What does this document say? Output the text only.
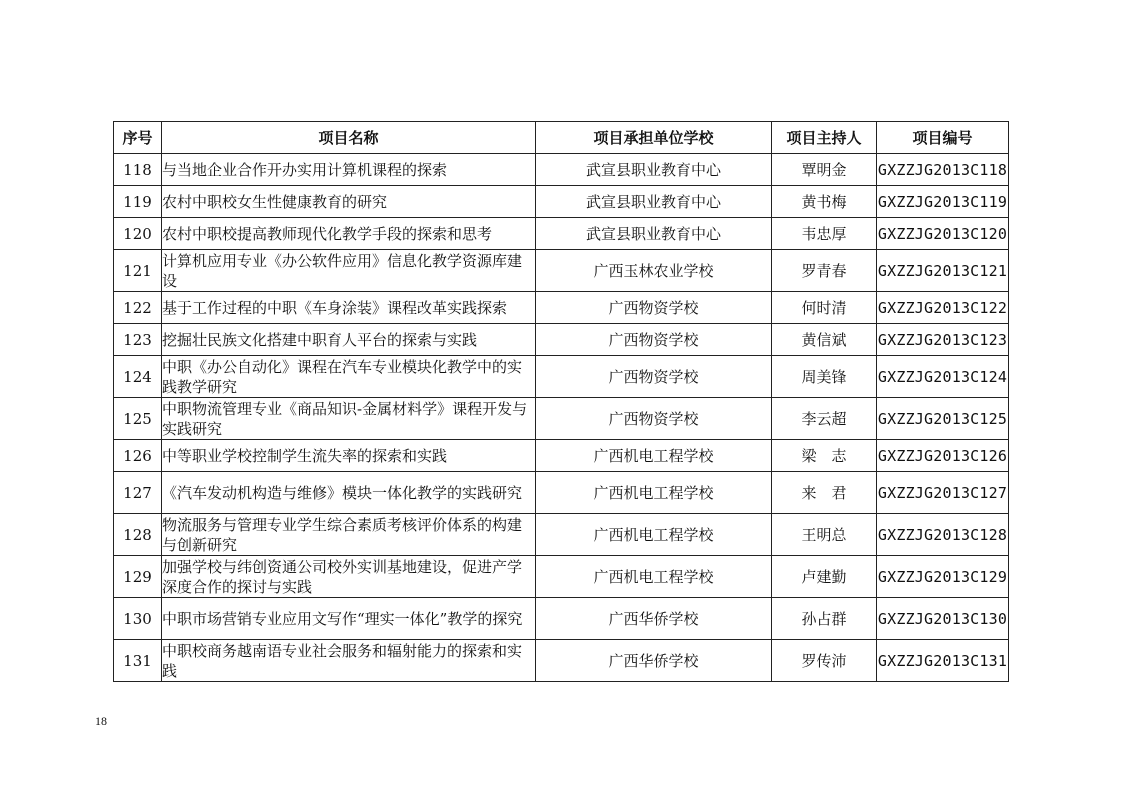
序号	项目名称	项目承担单位学校	项目主持人	项目编号
118	与当地企业合作开办实用计算机课程的探索	武宣县职业教育中心	覃明金	GXZZJG2013C118
119	农村中职校女生性健康教育的研究	武宣县职业教育中心	黄书梅	GXZZJG2013C119
120	农村中职校提高教师现代化教学手段的探索和思考	武宣县职业教育中心	韦忠厚	GXZZJG2013C120
121	计算机应用专业《办公软件应用》信息化教学资源库建设	广西玉林农业学校	罗青春	GXZZJG2013C121
122	基于工作过程的中职《车身涂装》课程改革实践探索	广西物资学校	何时清	GXZZJG2013C122
123	挖掘壮民族文化搭建中职育人平台的探索与实践	广西物资学校	黄信斌	GXZZJG2013C123
124	中职《办公自动化》课程在汽车专业模块化教学中的实践教学研究	广西物资学校	周美锋	GXZZJG2013C124
125	中职物流管理专业《商品知识-金属材料学》课程开发与实践研究	广西物资学校	李云超	GXZZJG2013C125
126	中等职业学校控制学生流失率的探索和实践	广西机电工程学校	梁　志	GXZZJG2013C126
127	《汽车发动机构造与维修》模块一体化教学的实践研究	广西机电工程学校	来　君	GXZZJG2013C127
128	物流服务与管理专业学生综合素质考核评价体系的构建与创新研究	广西机电工程学校	王明总	GXZZJG2013C128
129	加强学校与纬创资通公司校外实训基地建设，促进产学深度合作的探讨与实践	广西机电工程学校	卢建勤	GXZZJG2013C129
130	中职市场营销专业应用文写作“理实一体化”教学的探究	广西华侨学校	孙占群	GXZZJG2013C130
131	中职校商务越南语专业社会服务和辐射能力的探索和实践	广西华侨学校	罗传沛	GXZZJG2013C131
18
